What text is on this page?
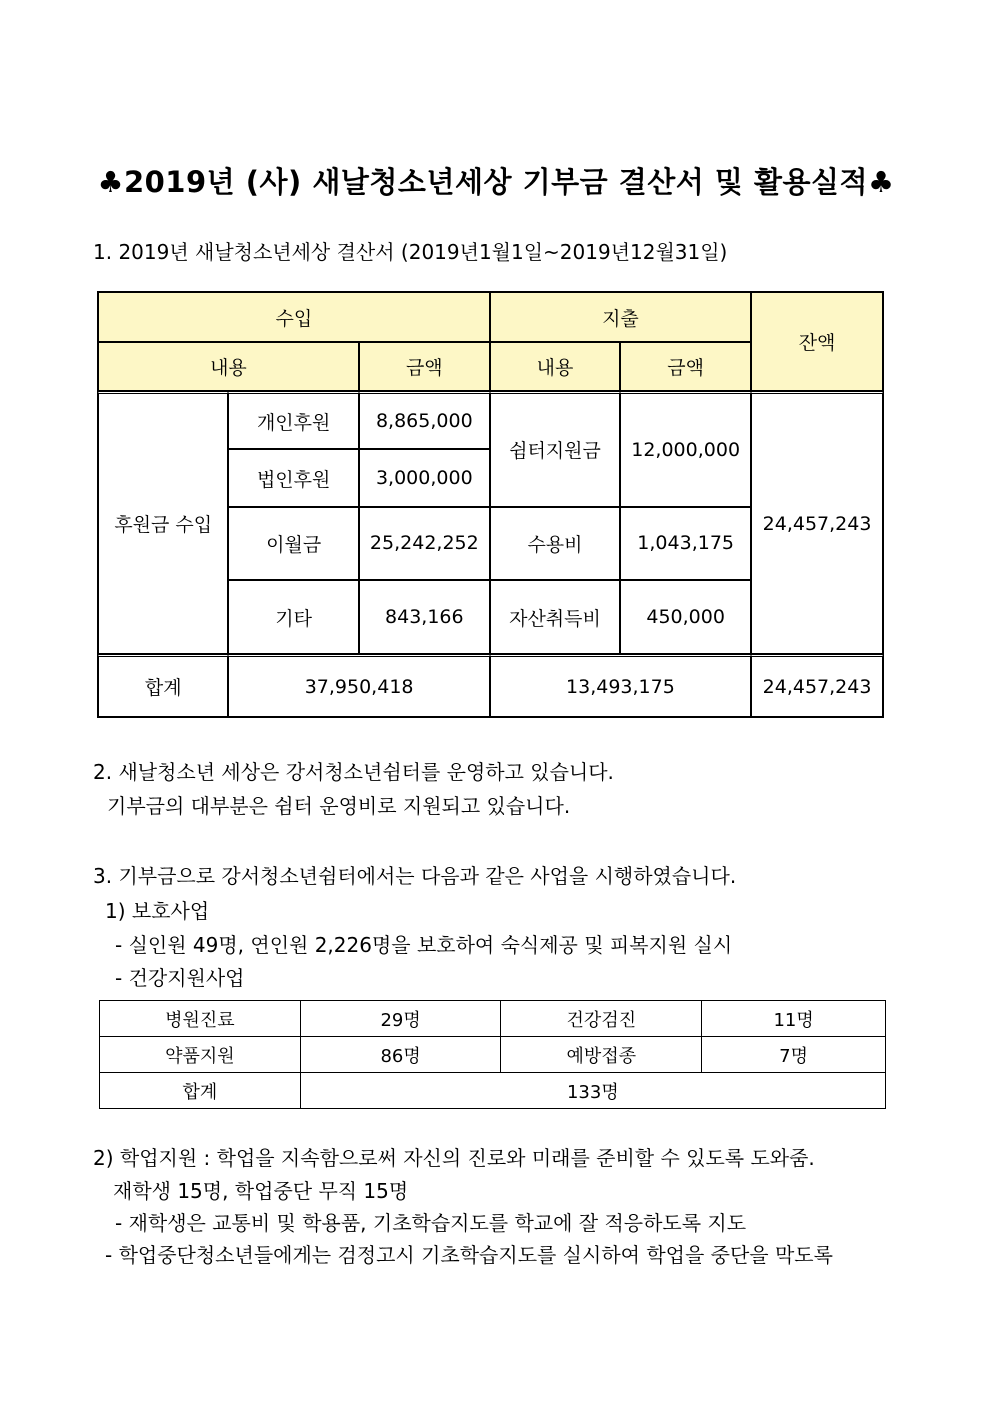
♣2019년 (사) 새날청소년세상 기부금 결산서 및 활용실적♣
1. 2019년 새날청소년세상 결산서 (2019년1월1일~2019년12월31일)
수입			지출		잔액
내용		금액	내용	금액	
후원금 수입	개인후원	8,865,000	쉼터지원금	12,000,000	24,457,243
	법인후원	3,000,000			
	이월금	25,242,252	수용비	1,043,175	
	기타	843,166	자산취득비	450,000	
합계	37,950,418		13,493,175		24,457,243
2. 새날청소년 세상은 강서청소년쉼터를 운영하고 있습니다.
기부금의 대부분은 쉼터 운영비로 지원되고 있습니다.
3. 기부금으로 강서청소년쉼터에서는 다음과 같은 사업을 시행하였습니다.
1) 보호사업
- 실인원 49명, 연인원 2,226명을 보호하여 숙식제공 및 피복지원 실시
- 건강지원사업
병원진료	29명	건강검진	11명
약품지원	86명	예방접종	7명
합계	133명		
2) 학업지원 : 학업을 지속함으로써 자신의 진로와 미래를 준비할 수 있도록 도와줌.
재학생 15명, 학업중단 무직 15명
- 재학생은 교통비 및 학용품, 기초학습지도를 학교에 잘 적응하도록 지도
- 학업중단청소년들에게는 검정고시 기초학습지도를 실시하여 학업을 중단을 막도록
